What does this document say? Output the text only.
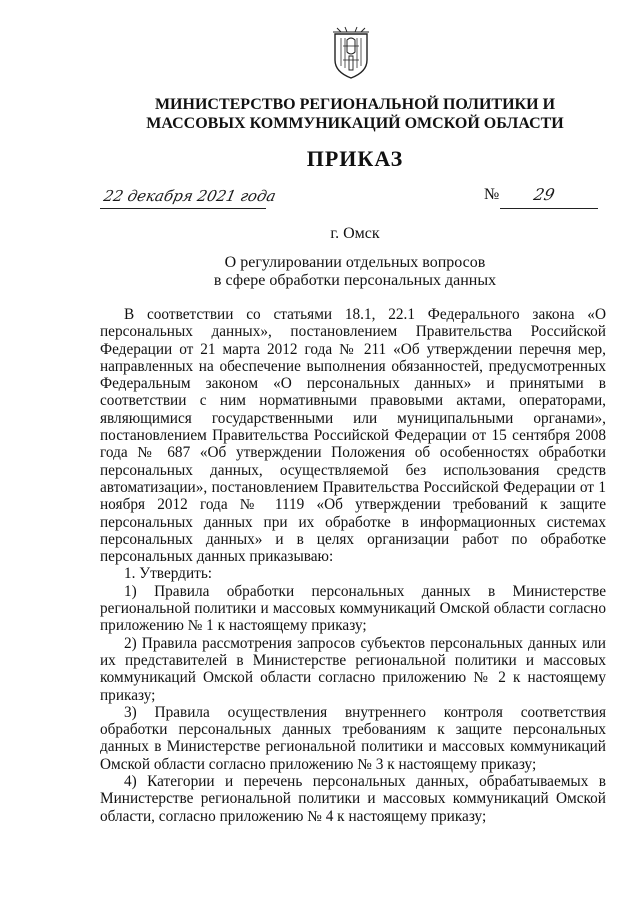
МИНИСТЕРСТВО РЕГИОНАЛЬНОЙ ПОЛИТИКИ И
МАССОВЫХ КОММУНИКАЦИЙ ОМСКОЙ ОБЛАСТИ
ПРИКАЗ
22 декабря 2021 года	№ 29
г. Омск
О регулировании отдельных вопросов
в сфере обработки персональных данных

В соответствии со статьями 18.1, 22.1 Федерального закона «О персональных данных», постановлением Правительства Российской Федерации от 21 марта 2012 года № 211 «Об утверждении перечня мер, направленных на обеспечение выполнения обязанностей, предусмотренных Федеральным законом «О персональных данных» и принятыми в соответствии с ним нормативными правовыми актами, операторами, являющимися государственными или муниципальными органами», постановлением Правительства Российской Федерации от 15 сентября 2008 года № 687 «Об утверждении Положения об особенностях обработки персональных данных, осуществляемой без использования средств автоматизации», постановлением Правительства Российской Федерации от 1 ноября 2012 года № 1119 «Об утверждении требований к защите персональных данных при их обработке в информационных системах персональных данных» и в целях организации работ по обработке персональных данных приказываю:

1. Утвердить:

1) Правила обработки персональных данных в Министерстве региональной политики и массовых коммуникаций Омской области согласно приложению № 1 к настоящему приказу;

2) Правила рассмотрения запросов субъектов персональных данных или их представителей в Министерстве региональной политики и массовых коммуникаций Омской области согласно приложению № 2 к настоящему приказу;

3) Правила осуществления внутреннего контроля соответствия обработки персональных данных требованиям к защите персональных данных в Министерстве региональной политики и массовых коммуникаций Омской области согласно приложению № 3 к настоящему приказу;

4) Категории и перечень персональных данных, обрабатываемых в Министерстве региональной политики и массовых коммуникаций Омской области, согласно приложению № 4 к настоящему приказу;
